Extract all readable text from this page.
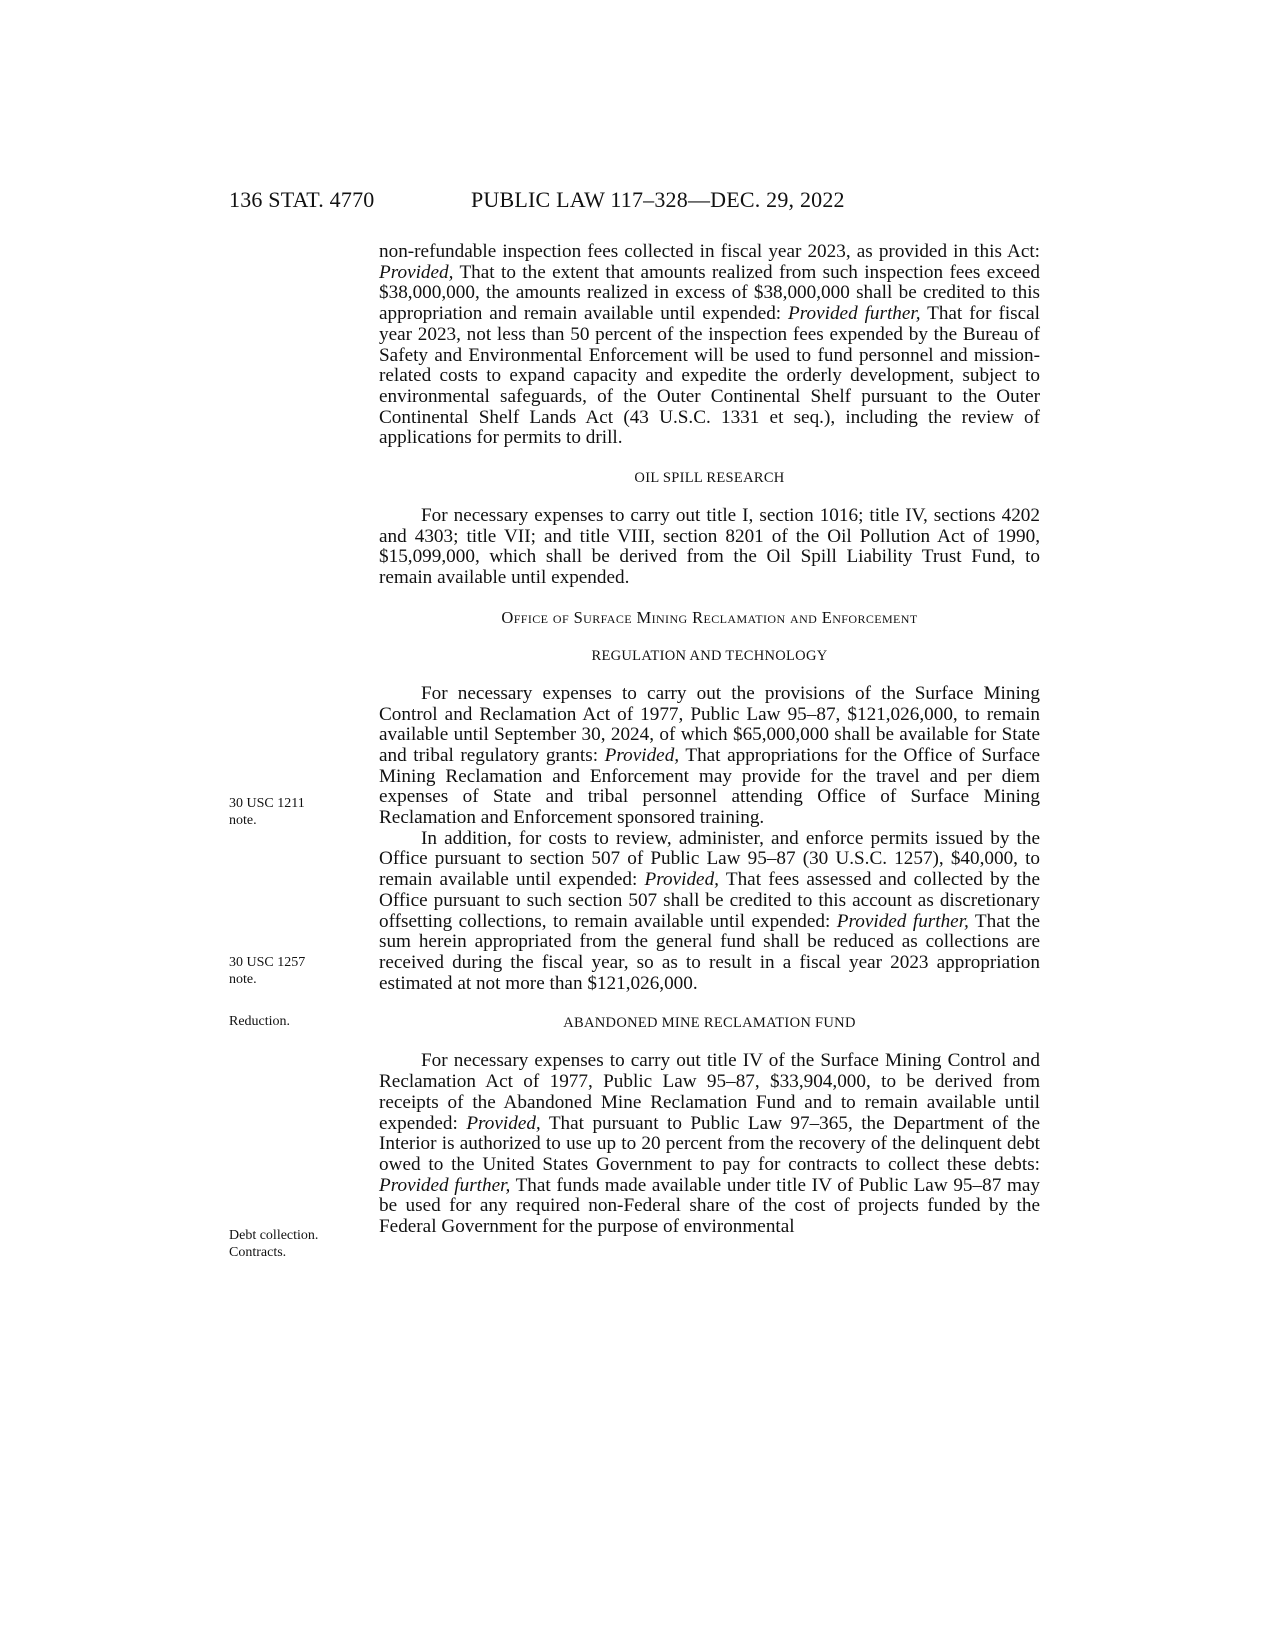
136 STAT. 4770	PUBLIC LAW 117–328—DEC. 29, 2022

non-refundable inspection fees collected in fiscal year 2023, as provided in this Act: Provided, That to the extent that amounts realized from such inspection fees exceed $38,000,000, the amounts realized in excess of $38,000,000 shall be credited to this appropriation and remain available until expended: Provided further, That for fiscal year 2023, not less than 50 percent of the inspection fees expended by the Bureau of Safety and Environmental Enforcement will be used to fund personnel and mission-related costs to expand capacity and expedite the orderly development, subject to environmental safeguards, of the Outer Continental Shelf pursuant to the Outer Continental Shelf Lands Act (43 U.S.C. 1331 et seq.), including the review of applications for permits to drill.

OIL SPILL RESEARCH

For necessary expenses to carry out title I, section 1016; title IV, sections 4202 and 4303; title VII; and title VIII, section 8201 of the Oil Pollution Act of 1990, $15,099,000, which shall be derived from the Oil Spill Liability Trust Fund, to remain available until expended.

Office of Surface Mining Reclamation and Enforcement

REGULATION AND TECHNOLOGY

For necessary expenses to carry out the provisions of the Surface Mining Control and Reclamation Act of 1977, Public Law 95–87, $121,026,000, to remain available until September 30, 2024, of which $65,000,000 shall be available for State and tribal regulatory grants: Provided, That appropriations for the Office of Surface Mining Reclamation and Enforcement may provide for the travel and per diem expenses of State and tribal personnel attending Office of Surface Mining Reclamation and Enforcement sponsored training.

In addition, for costs to review, administer, and enforce permits issued by the Office pursuant to section 507 of Public Law 95–87 (30 U.S.C. 1257), $40,000, to remain available until expended: Provided, That fees assessed and collected by the Office pursuant to such section 507 shall be credited to this account as discretionary offsetting collections, to remain available until expended: Provided further, That the sum herein appropriated from the general fund shall be reduced as collections are received during the fiscal year, so as to result in a fiscal year 2023 appropriation estimated at not more than $121,026,000.

ABANDONED MINE RECLAMATION FUND

For necessary expenses to carry out title IV of the Surface Mining Control and Reclamation Act of 1977, Public Law 95–87, $33,904,000, to be derived from receipts of the Abandoned Mine Reclamation Fund and to remain available until expended: Provided, That pursuant to Public Law 97–365, the Department of the Interior is authorized to use up to 20 percent from the recovery of the delinquent debt owed to the United States Government to pay for contracts to collect these debts: Provided further, That funds made available under title IV of Public Law 95–87 may be used for any required non-Federal share of the cost of projects funded by the Federal Government for the purpose of environmental

30 USC 1211
note.
30 USC 1257
note.
Reduction.
Debt collection.
Contracts.
